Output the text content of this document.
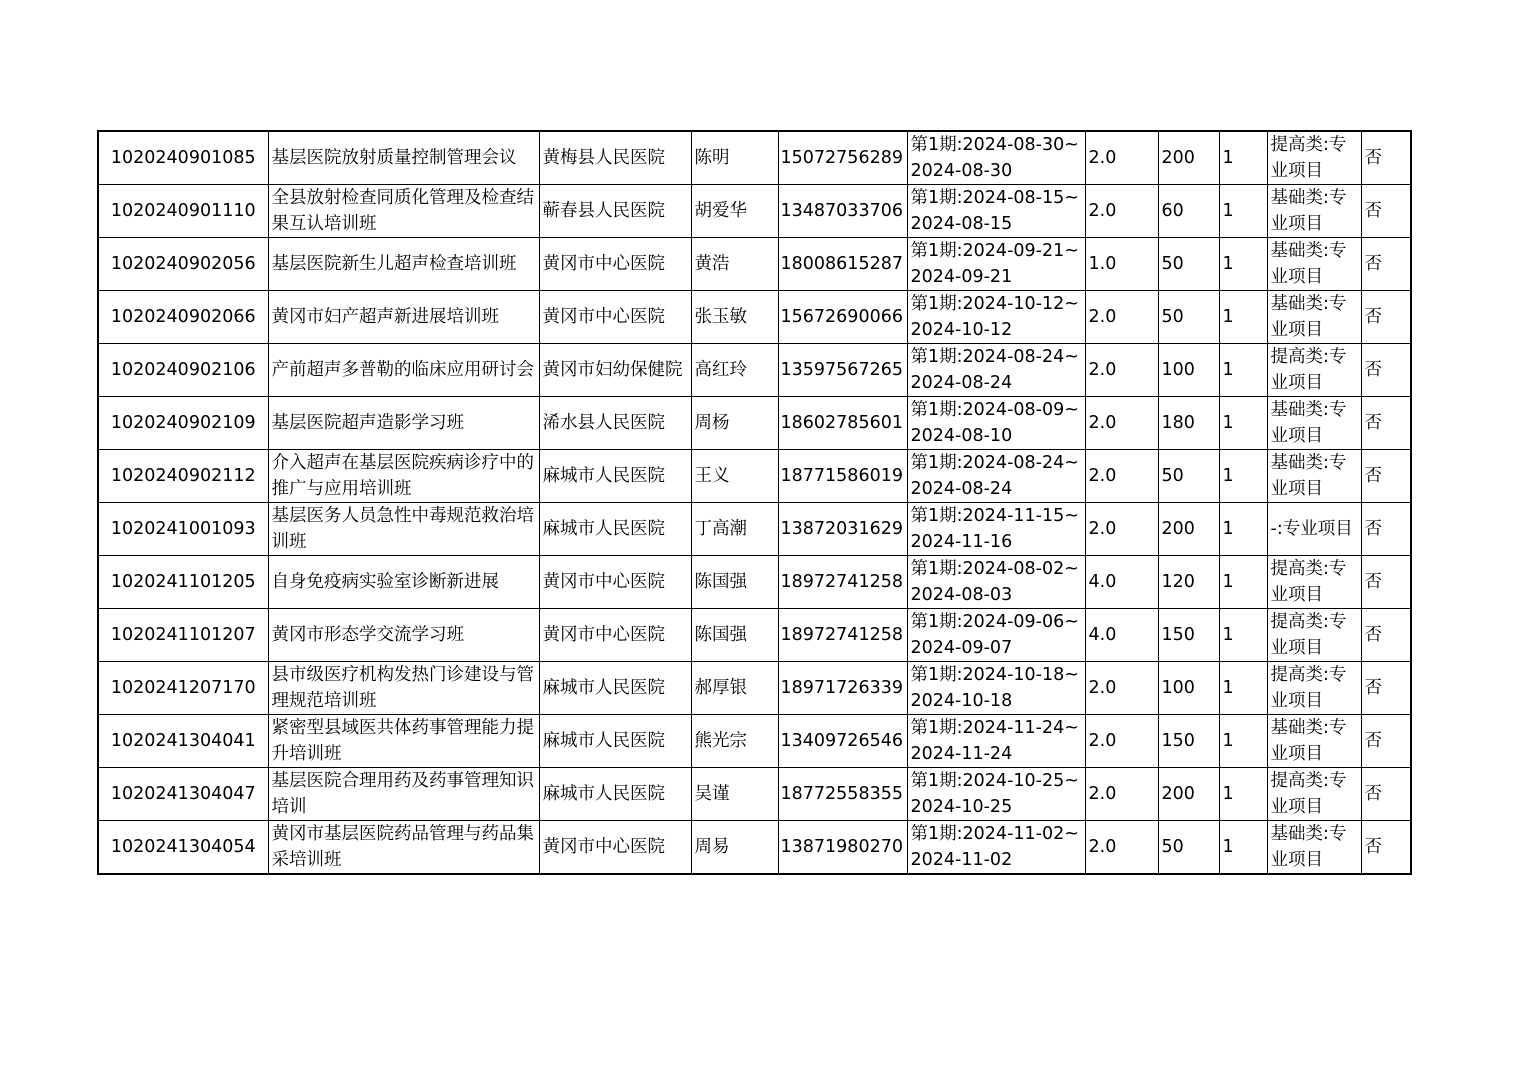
1020240901085	基层医院放射质量控制管理会议	黄梅县人民医院	陈明	15072756289	第1期:2024-08-30~2024-08-30	2.0	200	1	提高类:专业项目	否
1020240901110	全县放射检查同质化管理及检查结果互认培训班	蕲春县人民医院	胡爱华	13487033706	第1期:2024-08-15~2024-08-15	2.0	60	1	基础类:专业项目	否
1020240902056	基层医院新生儿超声检查培训班	黄冈市中心医院	黄浩	18008615287	第1期:2024-09-21~2024-09-21	1.0	50	1	基础类:专业项目	否
1020240902066	黄冈市妇产超声新进展培训班	黄冈市中心医院	张玉敏	15672690066	第1期:2024-10-12~2024-10-12	2.0	50	1	基础类:专业项目	否
1020240902106	产前超声多普勒的临床应用研讨会	黄冈市妇幼保健院	高红玲	13597567265	第1期:2024-08-24~2024-08-24	2.0	100	1	提高类:专业项目	否
1020240902109	基层医院超声造影学习班	浠水县人民医院	周杨	18602785601	第1期:2024-08-09~2024-08-10	2.0	180	1	基础类:专业项目	否
1020240902112	介入超声在基层医院疾病诊疗中的推广与应用培训班	麻城市人民医院	王义	18771586019	第1期:2024-08-24~2024-08-24	2.0	50	1	基础类:专业项目	否
1020241001093	基层医务人员急性中毒规范救治培训班	麻城市人民医院	丁高潮	13872031629	第1期:2024-11-15~2024-11-16	2.0	200	1	-:专业项目	否
1020241101205	自身免疫病实验室诊断新进展	黄冈市中心医院	陈国强	18972741258	第1期:2024-08-02~2024-08-03	4.0	120	1	提高类:专业项目	否
1020241101207	黄冈市形态学交流学习班	黄冈市中心医院	陈国强	18972741258	第1期:2024-09-06~2024-09-07	4.0	150	1	提高类:专业项目	否
1020241207170	县市级医疗机构发热门诊建设与管理规范培训班	麻城市人民医院	郝厚银	18971726339	第1期:2024-10-18~2024-10-18	2.0	100	1	提高类:专业项目	否
1020241304041	紧密型县域医共体药事管理能力提升培训班	麻城市人民医院	熊光宗	13409726546	第1期:2024-11-24~2024-11-24	2.0	150	1	基础类:专业项目	否
1020241304047	基层医院合理用药及药事管理知识培训	麻城市人民医院	吴谨	18772558355	第1期:2024-10-25~2024-10-25	2.0	200	1	提高类:专业项目	否
1020241304054	黄冈市基层医院药品管理与药品集采培训班	黄冈市中心医院	周易	13871980270	第1期:2024-11-02~2024-11-02	2.0	50	1	基础类:专业项目	否
